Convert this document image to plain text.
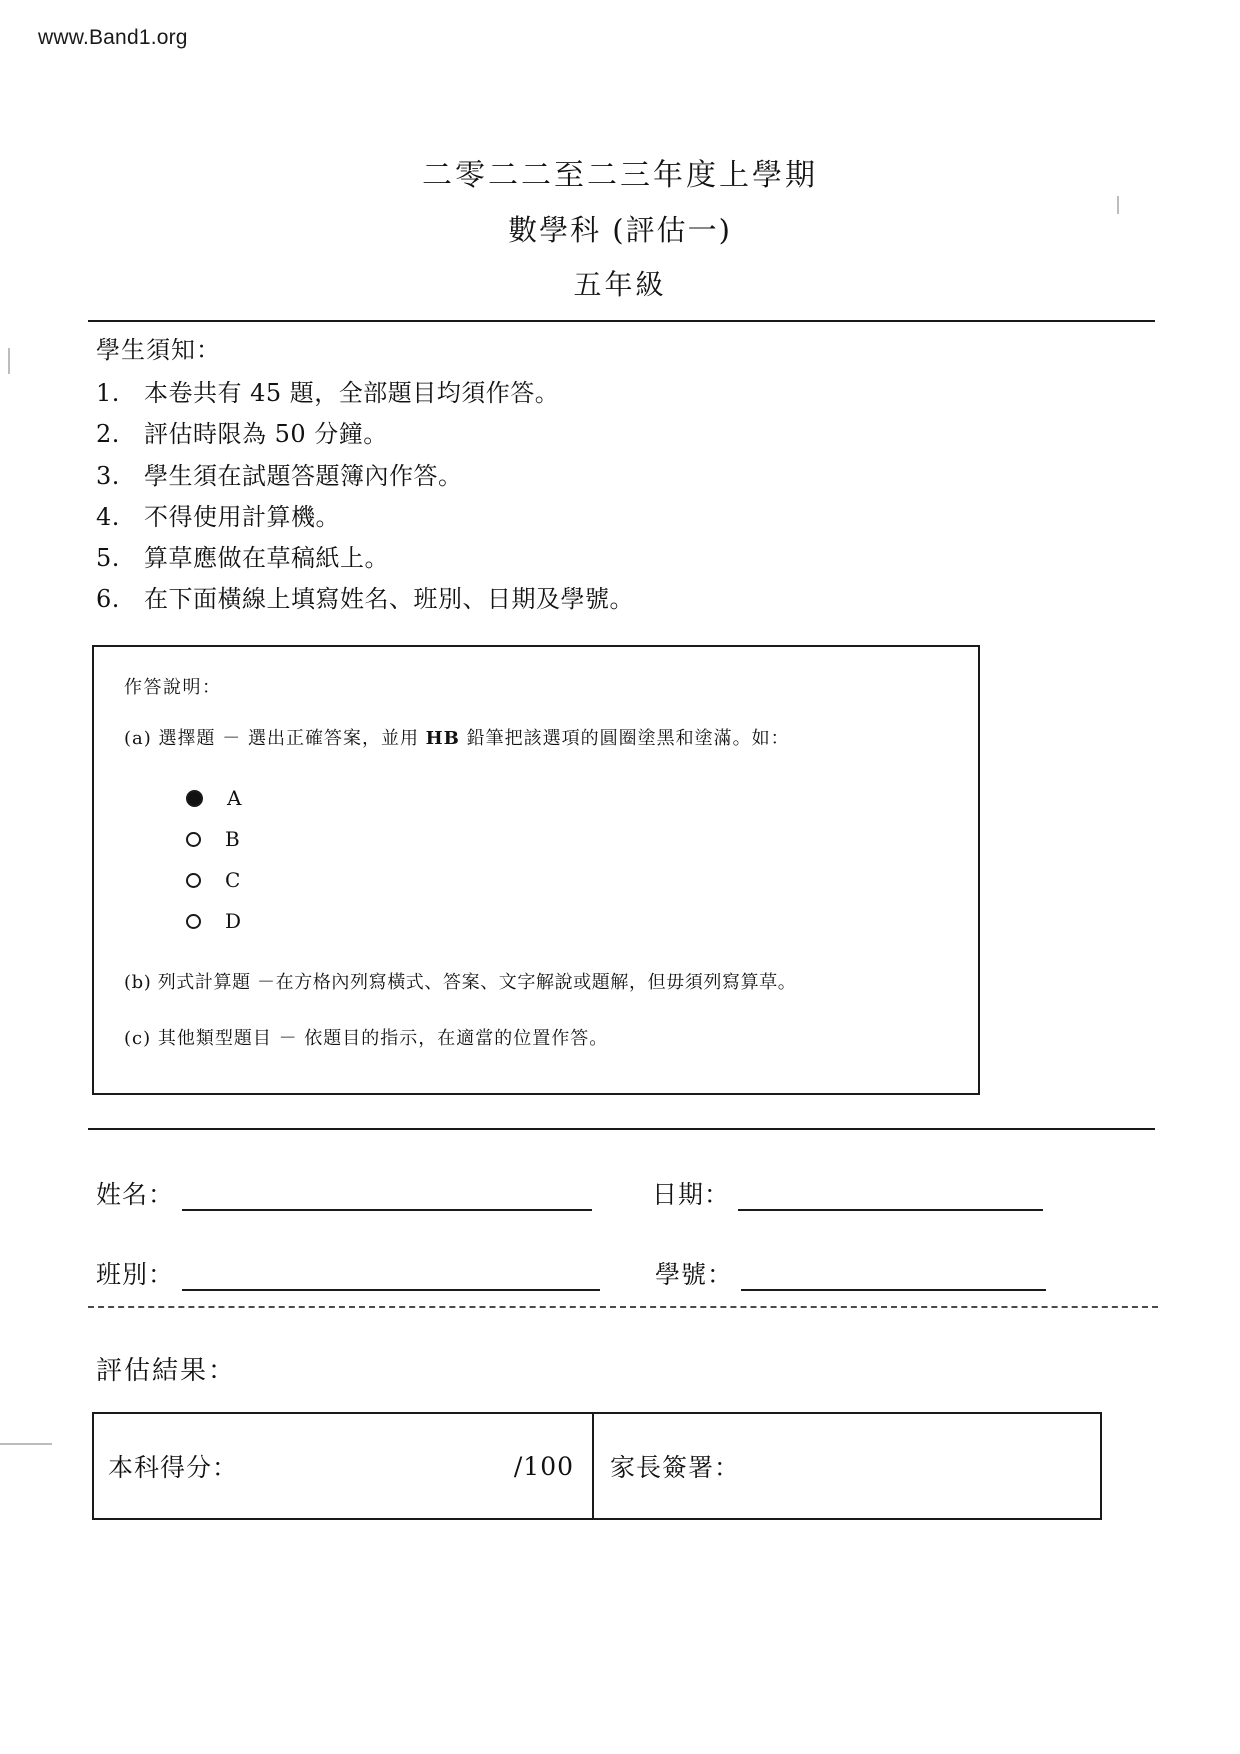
www.Band1.org
二零二二至二三年度上學期
數學科 (評估一)
五年級
學生須知：
1.	本卷共有 45 題，全部題目均須作答。
2.	評估時限為 50 分鐘。
3.	學生須在試題答題簿內作答。
4.	不得使用計算機。
5.	算草應做在草稿紙上。
6.	在下面橫線上填寫姓名、班別、日期及學號。
作答說明：
(a) 選擇題 － 選出正確答案，並用 HB 鉛筆把該選項的圓圈塗黑和塗滿。如：
A
B
C
D
(b) 列式計算題 －在方格內列寫橫式、答案、文字解說或題解，但毋須列寫算草。
(c) 其他類型題目 － 依題目的指示，在適當的位置作答。
姓名：	日期：
班別：	學號：
評估結果：
本科得分：	/100 家長簽署：
